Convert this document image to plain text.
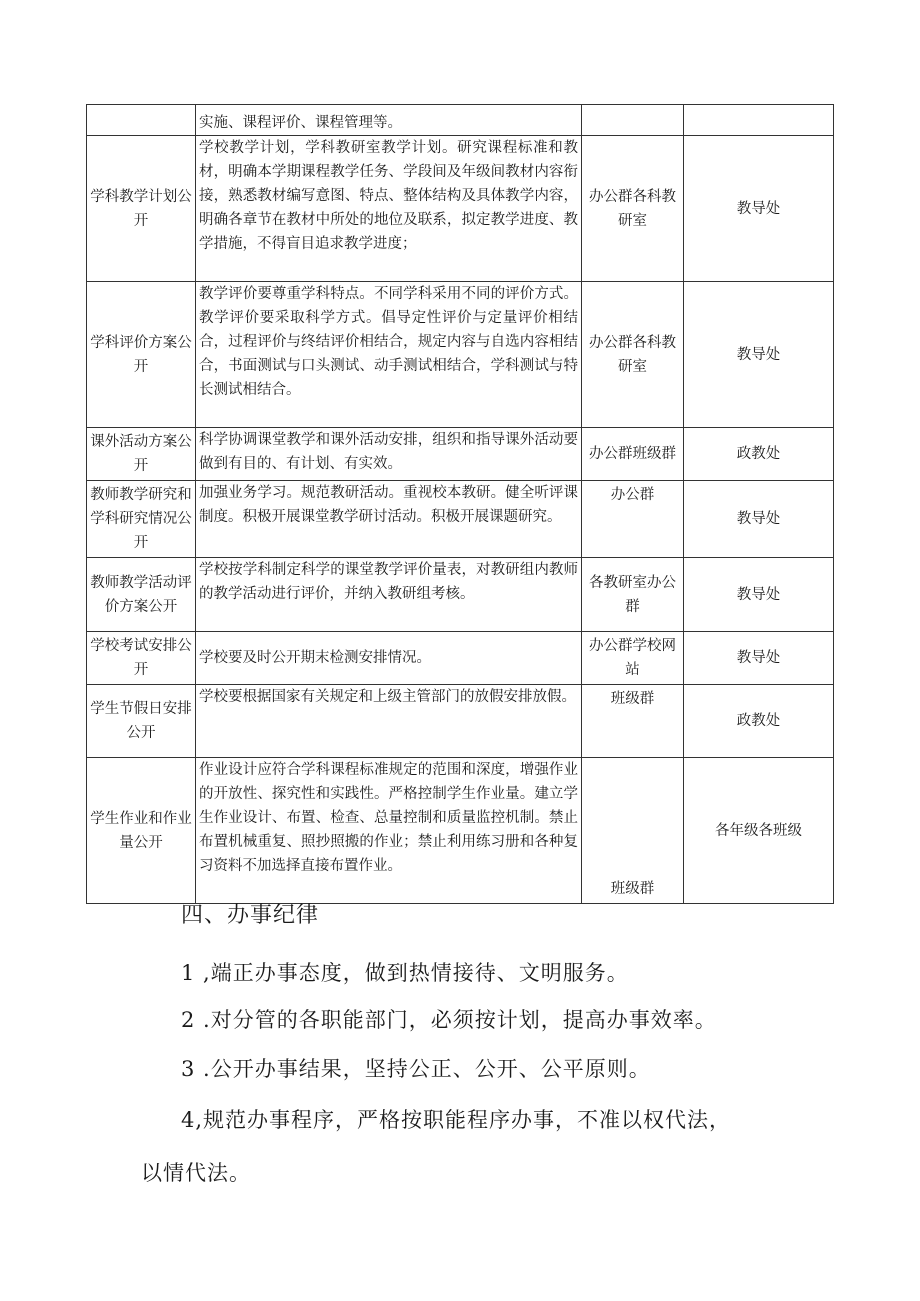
	实施、课程评价、课程管理等。		
学科教学计划公开	学校教学计划，学科教研室教学计划。研究课程标准和教材，明确本学期课程教学任务、学段间及年级间教材内容衔接，熟悉教材编写意图、特点、整体结构及具体教学内容，明确各章节在教材中所处的地位及联系，拟定教学进度、教学措施，不得盲目追求教学进度；	办公群各科教研室	教导处
学科评价方案公开	教学评价要尊重学科特点。不同学科采用不同的评价方式。教学评价要采取科学方式。倡导定性评价与定量评价相结合，过程评价与终结评价相结合，规定内容与自选内容相结合，书面测试与口头测试、动手测试相结合，学科测试与特长测试相结合。	办公群各科教研室	教导处
课外活动方案公开	科学协调课堂教学和课外活动安排，组织和指导课外活动要做到有目的、有计划、有实效。	办公群班级群	政教处
教师教学研究和学科研究情况公开	加强业务学习。规范教研活动。重视校本教研。健全听评课制度。积极开展课堂教学研讨活动。积极开展课题研究。	办公群	教导处
教师教学活动评价方案公开	学校按学科制定科学的课堂教学评价量表，对教研组内教师的教学活动进行评价，并纳入教研组考核。	各教研室办公群	教导处
学校考试安排公开	学校要及时公开期末检测安排情况。	办公群学校网站	教导处
学生节假日安排公开	学校要根据国家有关规定和上级主管部门的放假安排放假。	班级群	政教处
学生作业和作业量公开	作业设计应符合学科课程标准规定的范围和深度，增强作业的开放性、探究性和实践性。严格控制学生作业量。建立学生作业设计、布置、检查、总量控制和质量监控机制。禁止布置机械重复、照抄照搬的作业；禁止利用练习册和各种复习资料不加选择直接布置作业。	班级群	各年级各班级
四、办事纪律

1 ,端正办事态度，做到热情接待、文明服务。

2 .对分管的各职能部门，必须按计划，提高办事效率。

3 .公开办事结果，坚持公正、公开、公平原则。

4,规范办事程序，严格按职能程序办事，不准以权代法，

以情代法。
